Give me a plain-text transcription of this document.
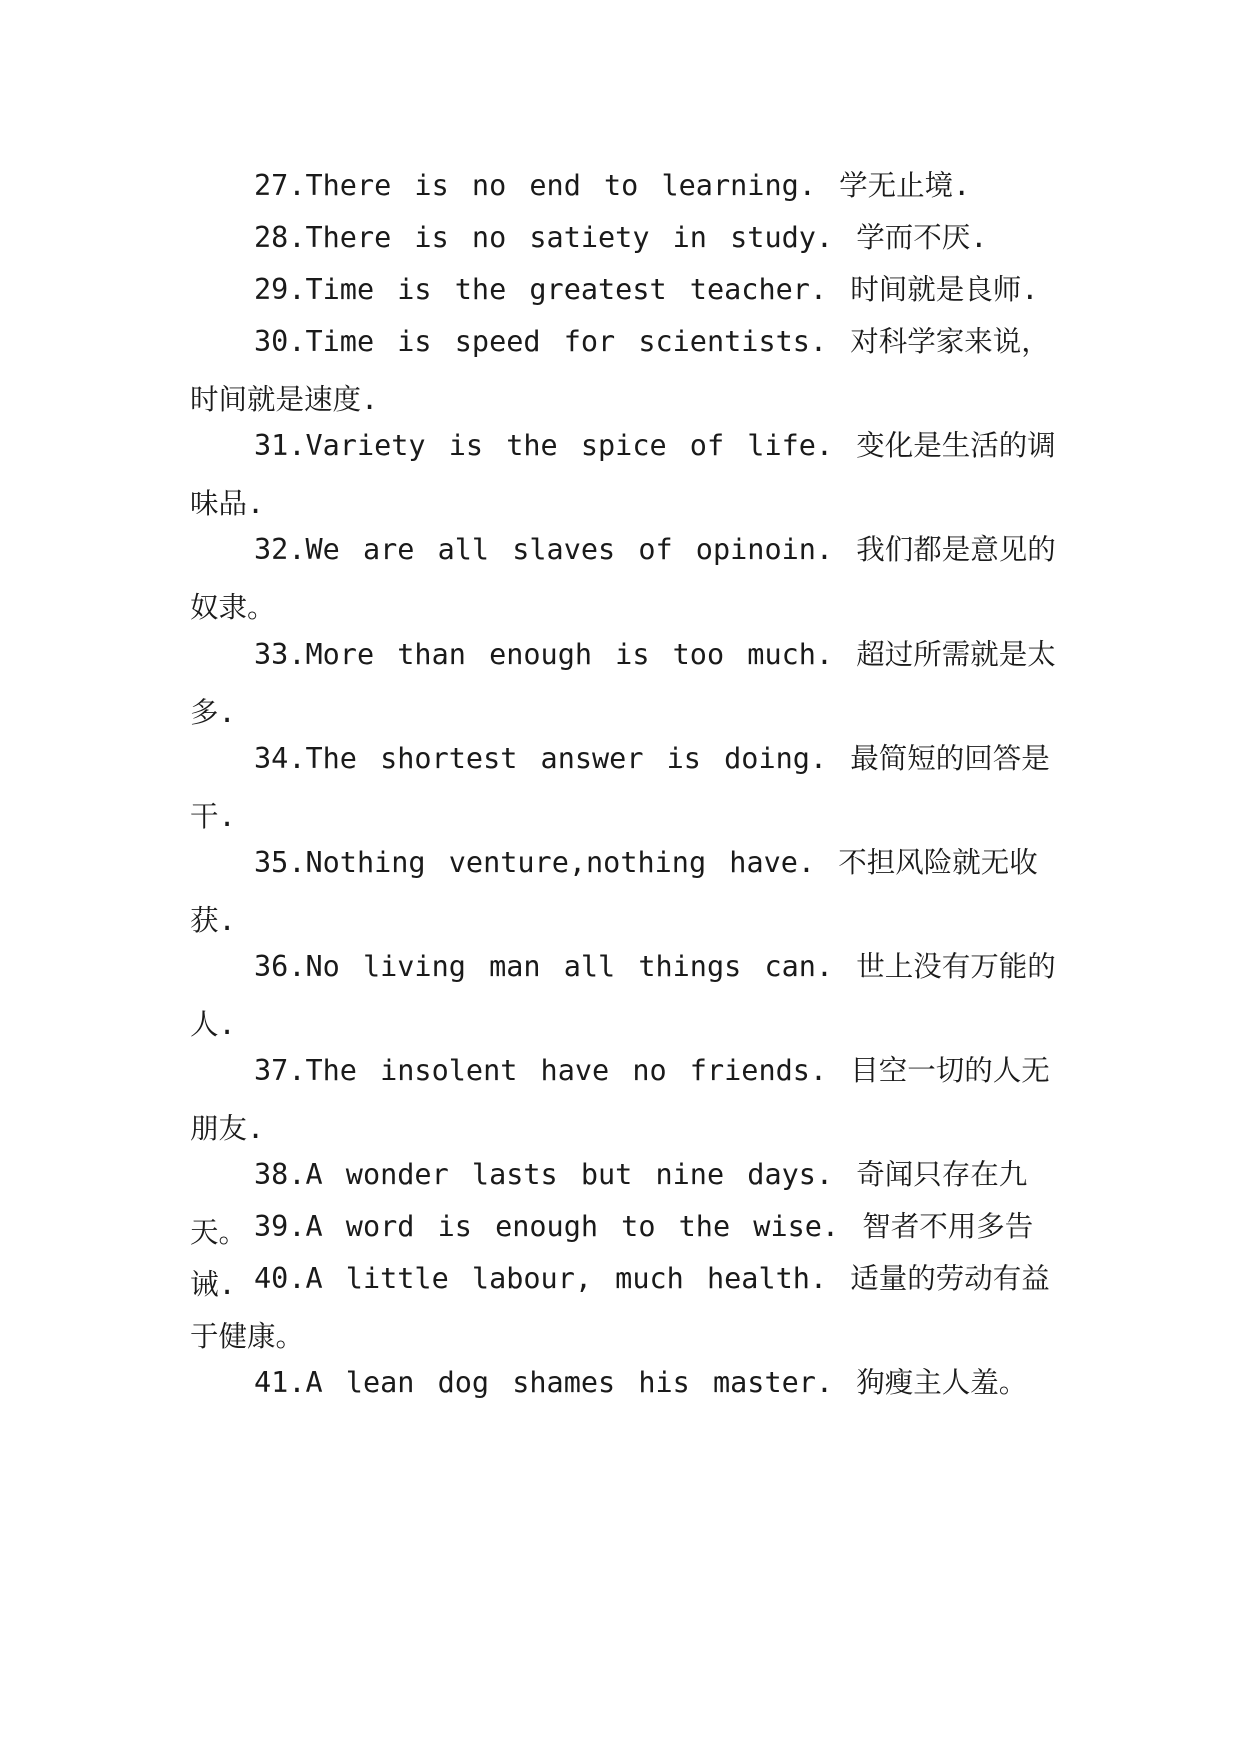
27.There is no end to learning. 学无止境.

28.There is no satiety in study. 学而不厌.

29.Time is the greatest teacher. 时间就是良师.

30.Time is speed for scientists. 对科学家来说，时间就是速度.

31.Variety is the spice of life. 变化是生活的调味品.

32.We are all slaves of opinoin. 我们都是意见的奴隶。

33.More than enough is too much. 超过所需就是太多.

34.The shortest answer is doing. 最简短的回答是干.

35.Nothing venture,nothing have. 不担风险就无收获.

36.No living man all things can. 世上没有万能的人.

37.The insolent have no friends. 目空一切的人无朋友.

38.A wonder lasts but nine days. 奇闻只存在九天。 39.A word is enough to the wise. 智者不用多告诫. 40.A little labour, much health. 适量的劳动有益于健康。

41.A lean dog shames his master. 狗瘦主人羞。
